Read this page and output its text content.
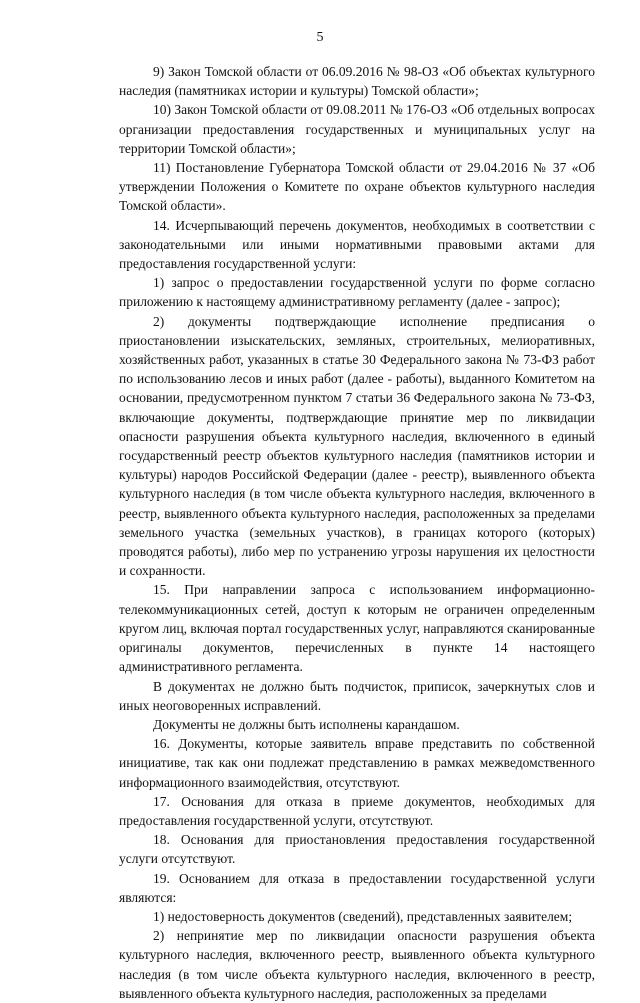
5

9) Закон Томской области от 06.09.2016 № 98-ОЗ «Об объектах культурного наследия (памятниках истории и культуры) Томской области»;

10) Закон Томской области от 09.08.2011 № 176-ОЗ «Об отдельных вопросах организации предоставления государственных и муниципальных услуг на территории Томской области»;

11) Постановление Губернатора Томской области от 29.04.2016 № 37 «Об утверждении Положения о Комитете по охране объектов культурного наследия Томской области».

14. Исчерпывающий перечень документов, необходимых в соответствии с законодательными или иными нормативными правовыми актами для предоставления государственной услуги:

1) запрос о предоставлении государственной услуги по форме согласно приложению к настоящему административному регламенту (далее - запрос);

2) документы подтверждающие исполнение предписания о приостановлении изыскательских, земляных, строительных, мелиоративных, хозяйственных работ, указанных в статье 30 Федерального закона № 73-ФЗ работ по использованию лесов и иных работ (далее - работы), выданного Комитетом на основании, предусмотренном пунктом 7 статьи 36 Федерального закона № 73-ФЗ, включающие документы, подтверждающие принятие мер по ликвидации опасности разрушения объекта культурного наследия, включенного в единый государственный реестр объектов культурного наследия (памятников истории и культуры) народов Российской Федерации (далее - реестр), выявленного объекта культурного наследия (в том числе объекта культурного наследия, включенного в реестр, выявленного объекта культурного наследия, расположенных за пределами земельного участка (земельных участков), в границах которого (которых) проводятся работы), либо мер по устранению угрозы нарушения их целостности и сохранности.

15. При направлении запроса с использованием информационно-телекоммуникационных сетей, доступ к которым не ограничен определенным кругом лиц, включая портал государственных услуг, направляются сканированные оригиналы документов, перечисленных в пункте 14 настоящего административного регламента.

В документах не должно быть подчисток, приписок, зачеркнутых слов и иных неоговоренных исправлений.

Документы не должны быть исполнены карандашом.

16. Документы, которые заявитель вправе представить по собственной инициативе, так как они подлежат представлению в рамках межведомственного информационного взаимодействия, отсутствуют.

17. Основания для отказа в приеме документов, необходимых для предоставления государственной услуги, отсутствуют.

18. Основания для приостановления предоставления государственной услуги отсутствуют.

19. Основанием для отказа в предоставлении государственной услуги являются:

1) недостоверность документов (сведений), представленных заявителем;

2) непринятие мер по ликвидации опасности разрушения объекта культурного наследия, включенного реестр, выявленного объекта культурного наследия (в том числе объекта культурного наследия, включенного в реестр, выявленного объекта культурного наследия, расположенных за пределами
